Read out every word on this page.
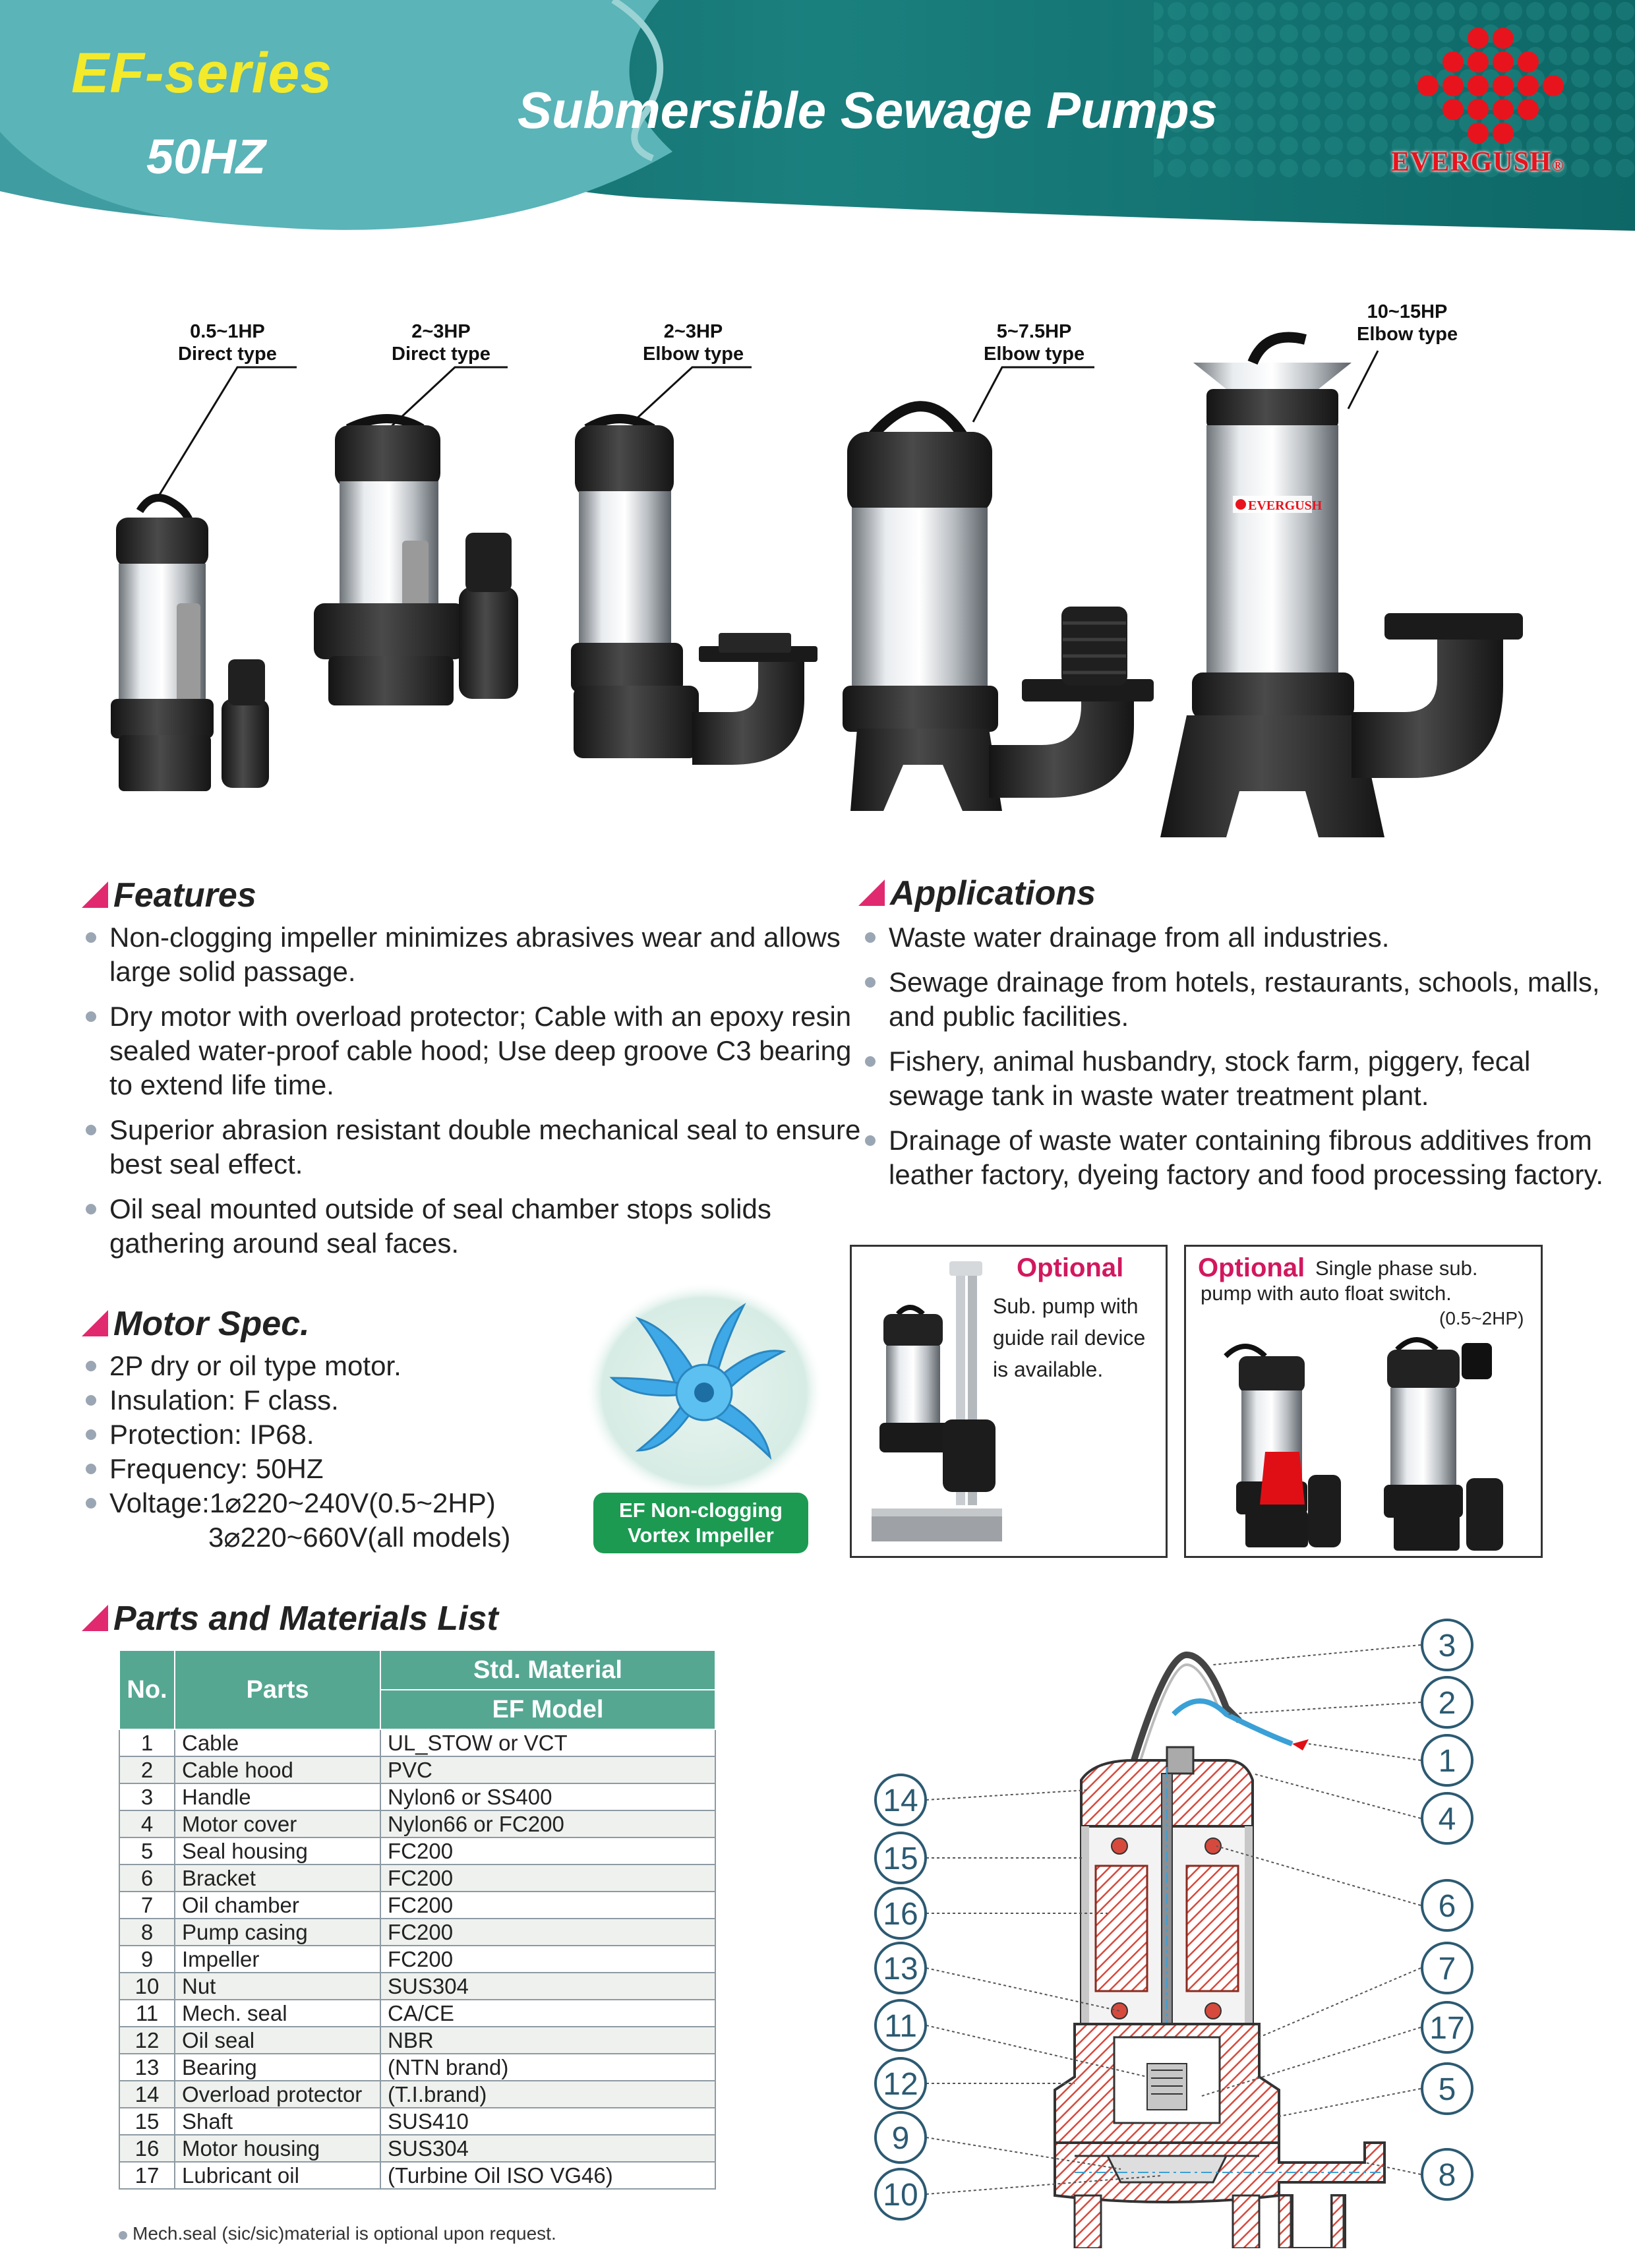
EF-series
50HZ
Submersible Sewage Pumps
EVERGUSH®
0.5~1HP
Direct type
2~3HP
Direct type
2~3HP
Elbow type
5~7.5HP
Elbow type
10~15HP
Elbow type
EVERGUSH
Features
Non-clogging impeller minimizes abrasives wear and allows large solid passage.
Dry motor with overload protector; Cable with an epoxy resin sealed water-proof cable hood; Use deep groove C3 bearing to extend life time.
Superior abrasion resistant double mechanical seal to ensure best seal effect.
Oil seal mounted outside of seal chamber stops solids gathering around seal faces.
Applications
Waste water drainage from all industries.
Sewage drainage from hotels, restaurants, schools, malls, and public facilities.
Fishery, animal husbandry, stock farm, piggery, fecal sewage tank in waste water treatment plant.
Drainage of waste water containing fibrous additives from leather factory, dyeing factory and food processing factory.
Motor Spec.
2P dry or oil type motor.
Insulation: F class.
Protection: IP68.
Frequency: 50HZ
Voltage:1⌀220~240V(0.5~2HP)
3⌀220~660V(all models)
EF Non-clogging
Vortex Impeller
Optional
Sub. pump with
guide rail device
is available.
Optional Single phase sub.
pump with auto float switch.
(0.5~2HP)
Parts and Materials List
No.	Parts	Std. Material
		EF Model
1	Cable	UL_STOW or VCT
2	Cable hood	PVC
3	Handle	Nylon6 or SS400
4	Motor cover	Nylon66 or FC200
5	Seal housing	FC200
6	Bracket	FC200
7	Oil chamber	FC200
8	Pump casing	FC200
9	Impeller	FC200
10	Nut	SUS304
11	Mech. seal	CA/CE
12	Oil seal	NBR
13	Bearing	(NTN brand)
14	Overload protector	(T.I.brand)
15	Shaft	SUS410
16	Motor housing	SUS304
17	Lubricant oil	(Turbine Oil ISO VG46)
Mech.seal (sic/sic)material is optional upon request.
14
15
16
13
11
12
9
10
3
2
1
4
6
7
17
5
8
